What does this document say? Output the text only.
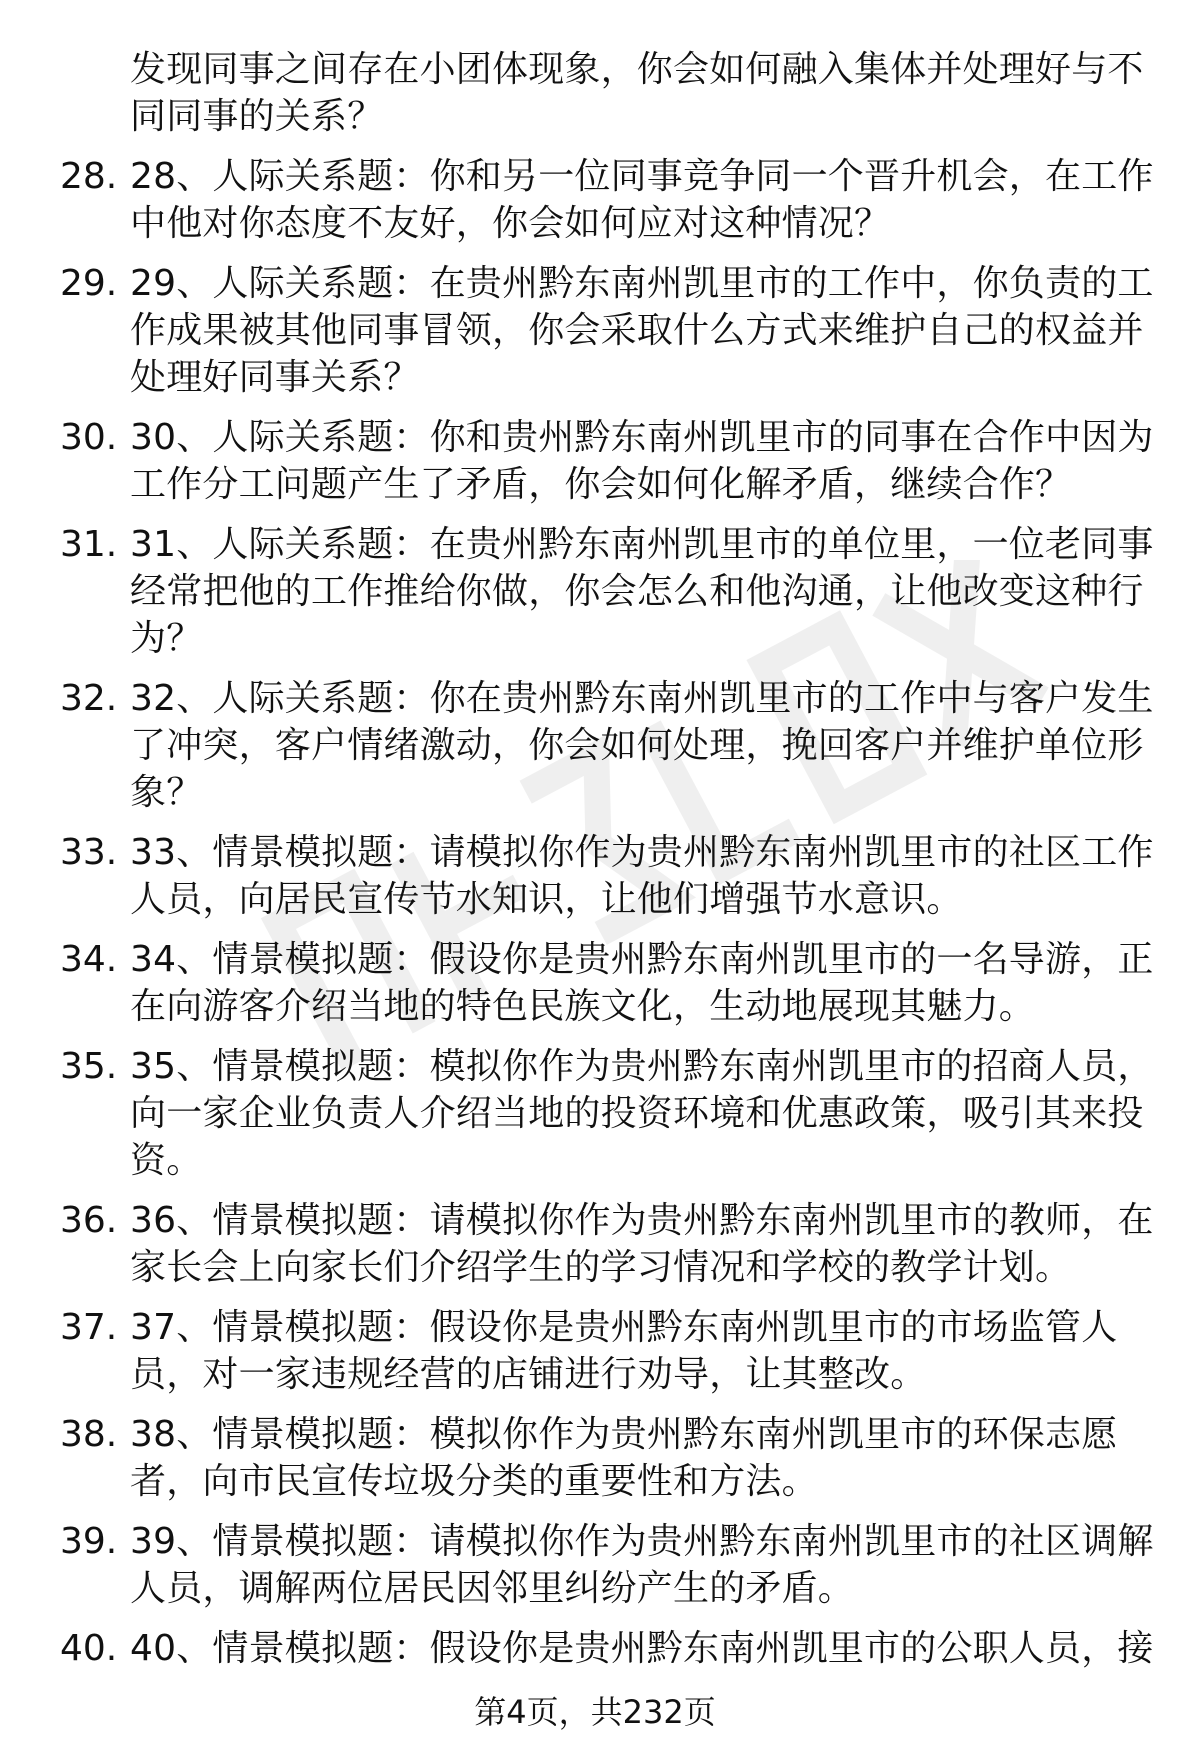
发现同事之间存在小团体现象，你会如何融入集体并处理好与不
同同事的关系？
28. 28、人际关系题：你和另一位同事竞争同一个晋升机会，在工作中他对你态度不友好，你会如何应对这种情况？
29. 29、人际关系题：在贵州黔东南州凯里市的工作中，你负责的工作成果被其他同事冒领，你会采取什么方式来维护自己的权益并处理好同事关系？
30. 30、人际关系题：你和贵州黔东南州凯里市的同事在合作中因为工作分工问题产生了矛盾，你会如何化解矛盾，继续合作？
31. 31、人际关系题：在贵州黔东南州凯里市的单位里，一位老同事经常把他的工作推给你做，你会怎么和他沟通，让他改变这种行为？
32. 32、人际关系题：你在贵州黔东南州凯里市的工作中与客户发生了冲突，客户情绪激动，你会如何处理，挽回客户并维护单位形象？
33. 33、情景模拟题：请模拟你作为贵州黔东南州凯里市的社区工作人员，向居民宣传节水知识，让他们增强节水意识。
34. 34、情景模拟题：假设你是贵州黔东南州凯里市的一名导游，正在向游客介绍当地的特色民族文化，生动地展现其魅力。
35. 35、情景模拟题：模拟你作为贵州黔东南州凯里市的招商人员，向一家企业负责人介绍当地的投资环境和优惠政策，吸引其来投资。
36. 36、情景模拟题：请模拟你作为贵州黔东南州凯里市的教师，在家长会上向家长们介绍学生的学习情况和学校的教学计划。
37. 37、情景模拟题：假设你是贵州黔东南州凯里市的市场监管人员，对一家违规经营的店铺进行劝导，让其整改。
38. 38、情景模拟题：模拟你作为贵州黔东南州凯里市的环保志愿者，向市民宣传垃圾分类的重要性和方法。
39. 39、情景模拟题：请模拟你作为贵州黔东南州凯里市的社区调解人员，调解两位居民因邻里纠纷产生的矛盾。
40. 40、情景模拟题：假设你是贵州黔东南州凯里市的公职人员，接
第4页，共232页
